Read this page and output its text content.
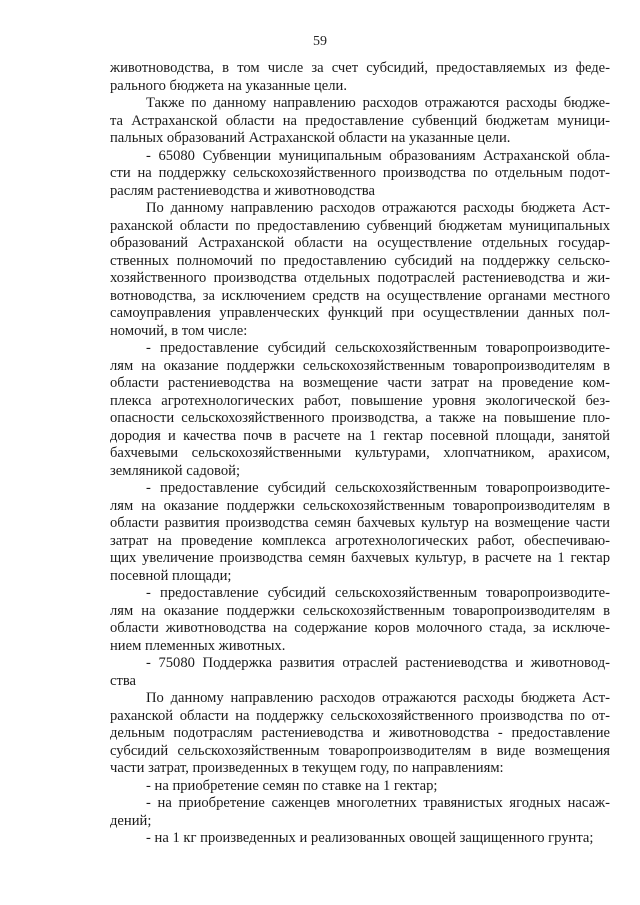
59
животноводства, в том числе за счет субсидий, предоставляемых из феде-
рального бюджета на указанные цели.
Также по данному направлению расходов отражаются расходы бюдже-
та Астраханской области на предоставление субвенций бюджетам муници-
пальных образований Астраханской области на указанные цели.
- 65080 Субвенции муниципальным образованиям Астраханской обла-
сти на поддержку сельскохозяйственного производства по отдельным подот-
раслям растениеводства и животноводства
По данному направлению расходов отражаются расходы бюджета Аст-
раханской области по предоставлению субвенций бюджетам муниципальных
образований Астраханской области на осуществление отдельных государ-
ственных полномочий по предоставлению субсидий на поддержку сельско-
хозяйственного производства отдельных подотраслей растениеводства и жи-
вотноводства, за исключением средств на осуществление органами местного
самоуправления управленческих функций при осуществлении данных пол-
номочий, в том числе:
- предоставление субсидий сельскохозяйственным товаропроизводите-
лям на оказание поддержки сельскохозяйственным товаропроизводителям в
области растениеводства на возмещение части затрат на проведение ком-
плекса агротехнологических работ, повышение уровня экологической без-
опасности сельскохозяйственного производства, а также на повышение пло-
дородия и качества почв в расчете на 1 гектар посевной площади, занятой
бахчевыми сельскохозяйственными культурами, хлопчатником, арахисом,
земляникой садовой;
- предоставление субсидий сельскохозяйственным товаропроизводите-
лям на оказание поддержки сельскохозяйственным товаропроизводителям в
области развития производства семян бахчевых культур на возмещение части
затрат на проведение комплекса агротехнологических работ, обеспечиваю-
щих увеличение производства семян бахчевых культур, в расчете на 1 гектар
посевной площади;
- предоставление субсидий сельскохозяйственным товаропроизводите-
лям на оказание поддержки сельскохозяйственным товаропроизводителям в
области животноводства на содержание коров молочного стада, за исключе-
нием племенных животных.
- 75080 Поддержка развития отраслей растениеводства и животновод-
ства
По данному направлению расходов отражаются расходы бюджета Аст-
раханской области на поддержку сельскохозяйственного производства по от-
дельным подотраслям растениеводства и животноводства - предоставление
субсидий сельскохозяйственным товаропроизводителям в виде возмещения
части затрат, произведенных в текущем году, по направлениям:
- на приобретение семян по ставке на 1 гектар;
- на приобретение саженцев многолетних травянистых ягодных насаж-
дений;
- на 1 кг произведенных и реализованных овощей защищенного грунта;
